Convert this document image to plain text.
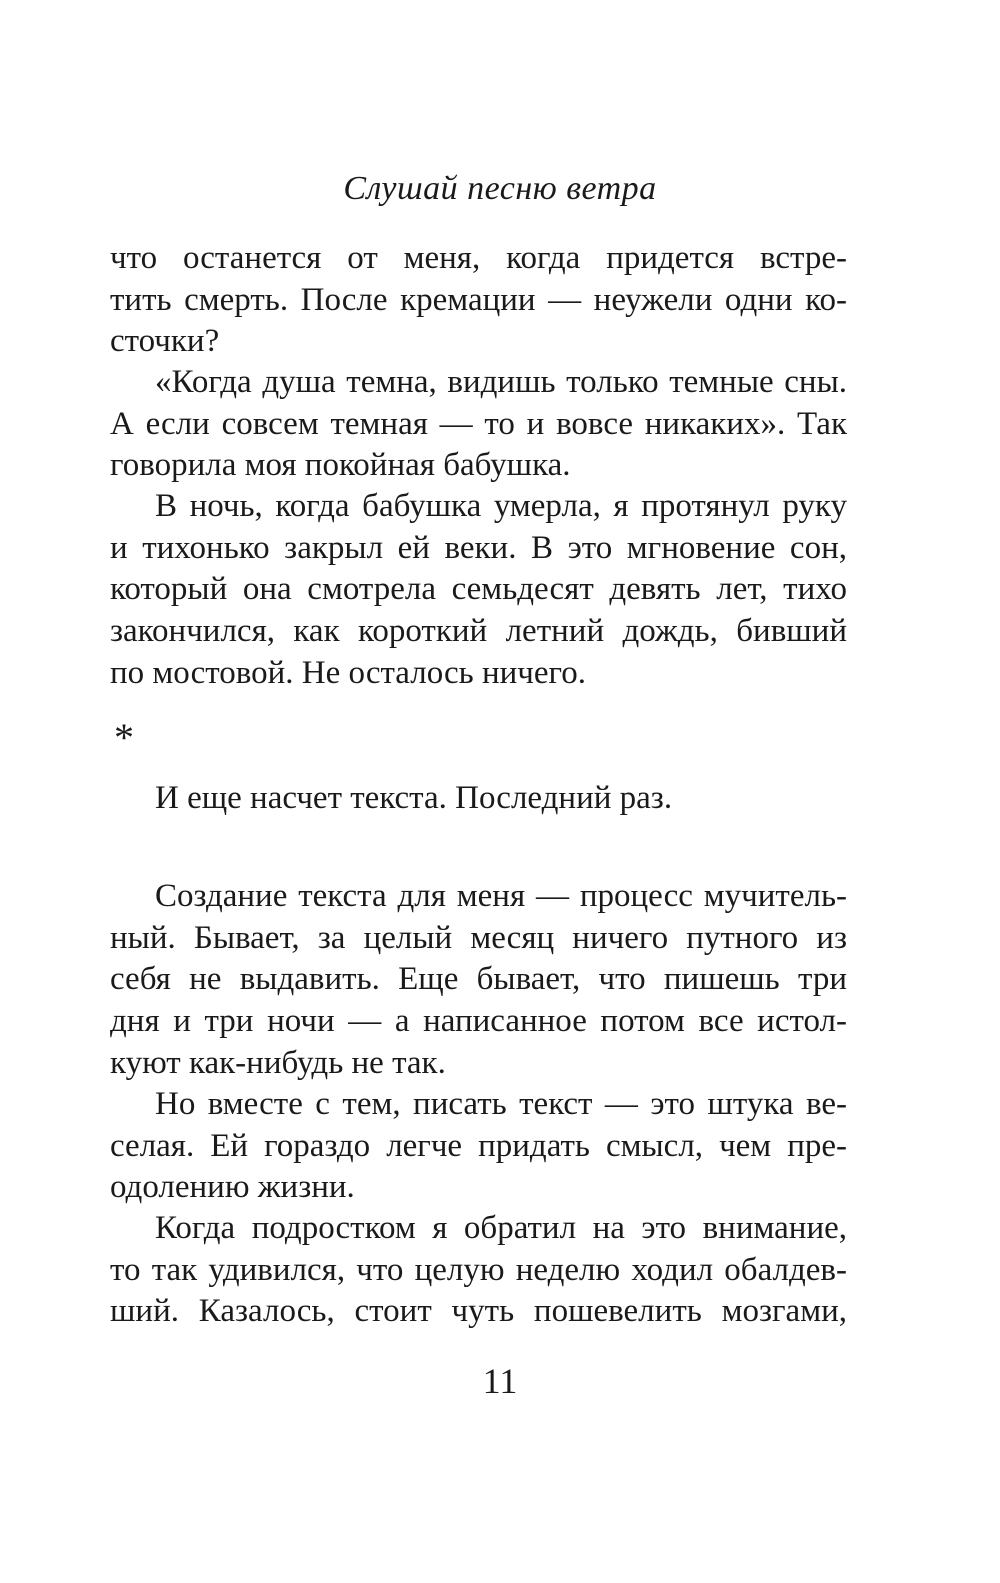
Слушай песню ветра
что останется от меня, когда придется встре-
тить смерть. После кремации — неужели одни ко-
сточки?
«Когда душа темна, видишь только темные сны.
А если совсем темная — то и вовсе никаких». Так
говорила моя покойная бабушка.
В ночь, когда бабушка умерла, я протянул руку
и тихонько закрыл ей веки. В это мгновение сон,
который она смотрела семьдесят девять лет, тихо
закончился, как короткий летний дождь, бивший
по мостовой. Не осталось ничего.
*
И еще насчет текста. Последний раз.
Создание текста для меня — процесс мучитель-
ный. Бывает, за целый месяц ничего путного из
себя не выдавить. Еще бывает, что пишешь три
дня и три ночи — а написанное потом все истол-
куют как-нибудь не так.
Но вместе с тем, писать текст — это штука ве-
селая. Ей гораздо легче придать смысл, чем пре-
одолению жизни.
Когда подростком я обратил на это внимание,
то так удивился, что целую неделю ходил обалдев-
ший. Казалось, стоит чуть пошевелить мозгами,
11
